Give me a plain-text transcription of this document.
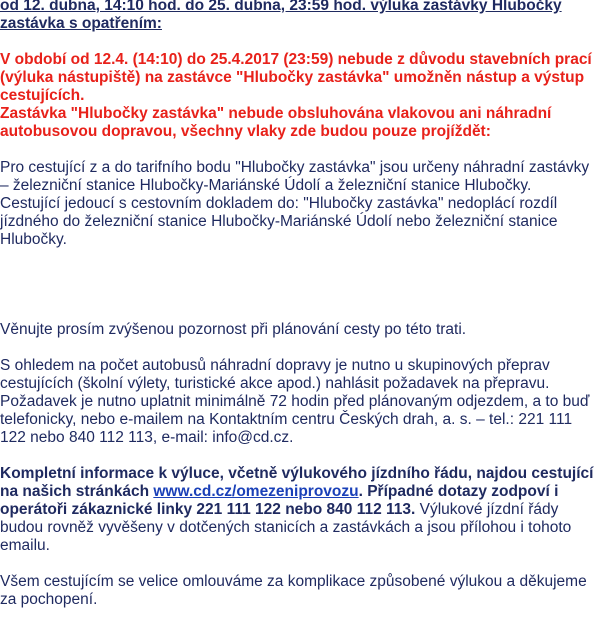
od 12. dubna, 14:10 hod. do 25. dubna, 23:59 hod. výluka zastávky Hlubočky zastávka s opatřením:

V období od 12.4. (14:10) do 25.4.2017 (23:59) nebude z důvodu stavebních prací (výluka nástupiště) na zastávce "Hlubočky zastávka" umožněn nástup a výstup cestujících.

Zastávka "Hlubočky zastávka" nebude obsluhována vlakovou ani náhradní autobusovou dopravou, všechny vlaky zde budou pouze projíždět:

Pro cestující z a do tarifního bodu "Hlubočky zastávka" jsou určeny náhradní zastávky – železniční stanice Hlubočky-Mariánské Údolí a železniční stanice Hlubočky.

Cestující jedoucí s cestovním dokladem do: "Hlubočky zastávka" nedoplácí rozdíl jízdného do železniční stanice Hlubočky-Mariánské Údolí nebo železniční stanice Hlubočky.

Věnujte prosím zvýšenou pozornost při plánování cesty po této trati.

S ohledem na počet autobusů náhradní dopravy je nutno u skupinových přeprav cestujících (školní výlety, turistické akce apod.) nahlásit požadavek na přepravu.

Požadavek je nutno uplatnit minimálně 72 hodin před plánovaným odjezdem, a to buď telefonicky, nebo e-mailem na Kontaktním centru Českých drah, a. s. – tel.: 221 111 122 nebo 840 112 113, e-mail: info@cd.cz.

Kompletní informace k výluce, včetně výlukového jízdního řádu, najdou cestující na našich stránkách www.cd.cz/omezeniprovozu. Případné dotazy zodpoví i operátoři zákaznické linky 221 111 122 nebo 840 112 113. Výlukové jízdní řády budou rovněž vyvěšeny v dotčených stanicích a zastávkách a jsou přílohou i tohoto emailu.

Všem cestujícím se velice omlouváme za komplikace způsobené výlukou a děkujeme za pochopení.
